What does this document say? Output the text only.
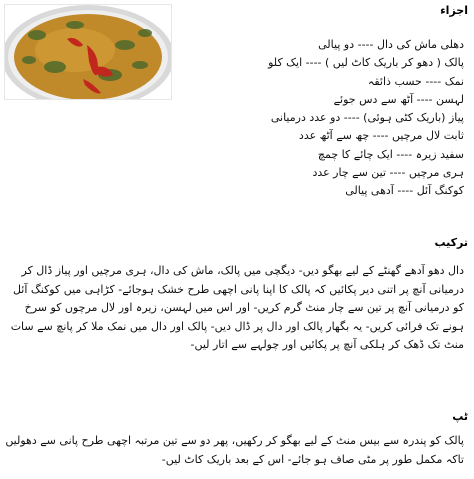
اجزاء
دھلی ماش کی دال ---- دو پیالی
پالک ( دھو کر باریک کاٹ لیں ) ---- ایک کلو
نمک ---- حسب ذائقہ
لہسن ---- آٹھ سے دس جوئے
پیاز (باریک کٹی ہوئی) ---- دو عدد درمیانی
ثابت لال مرچیں ---- چھ سے آٹھ عدد
سفید زیرہ ---- ایک چائے کا چمچ
ہری مرچیں ---- تین سے چار عدد
کوکنگ آئل ---- آدھی پیالی
ترکیب

دال دھو آدھے گھنٹے کے لیے بھگو دیں- دیگچی میں پالک، ماش کی دال، ہری مرچیں اور پیاز ڈال کر درمیانی آنچ پر اتنی دیر پکائیں کہ پالک کا اپنا پانی اچھی طرح خشک ہوجائے- کڑاہی میں کوکنگ آئل کو درمیانی آنچ پر تین سے چار منٹ گرم کریں- اور اس میں لہسن، زیرہ اور لال مرچوں کو سرخ ہونے تک فرائی کریں- یہ بگھار پالک اور دال پر ڈال دیں- پالک اور دال میں نمک ملا کر پانچ سے سات منٹ تک ڈھک کر ہلکی آنچ پر پکائیں اور چولہے سے اتار لیں-

ٹپ

پالک کو پندرہ سے بیس منٹ کے لیے بھگو کر رکھیں، پھر دو سے تین مرتبہ اچھی طرح پانی سے دھولیں تاکہ مکمل طور پر مٹی صاف ہو جائے- اس کے بعد باریک کاٹ لیں-
